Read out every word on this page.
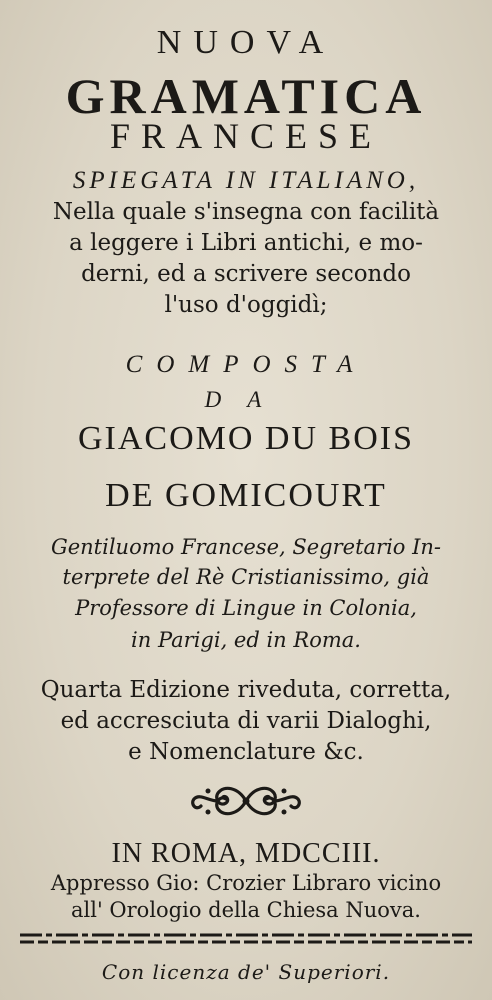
NUOVA
GRAMATICA
FRANCESE
SPIEGATA IN ITALIANO,
Nella quale s'insegna con facilità
a leggere i Libri antichi, e mo-
derni, ed a scrivere secondo
l'uso d'oggidì;
COMPOSTA
DA
GIACOMO DU BOIS
DE GOMICOURT
Gentiluomo Francese, Segretario In-
terprete del Rè Cristianissimo, già
Professore di Lingue in Colonia,
in Parigi, ed in Roma.
Quarta Edizione riveduta, corretta,
ed accresciuta di varii Dialoghi,
e Nomenclature &c.
IN ROMA, MDCCIII.
Appresso Gio: Crozier Libraro vicino
all' Orologio della Chiesa Nuova.
Con licenza de' Superiori.
